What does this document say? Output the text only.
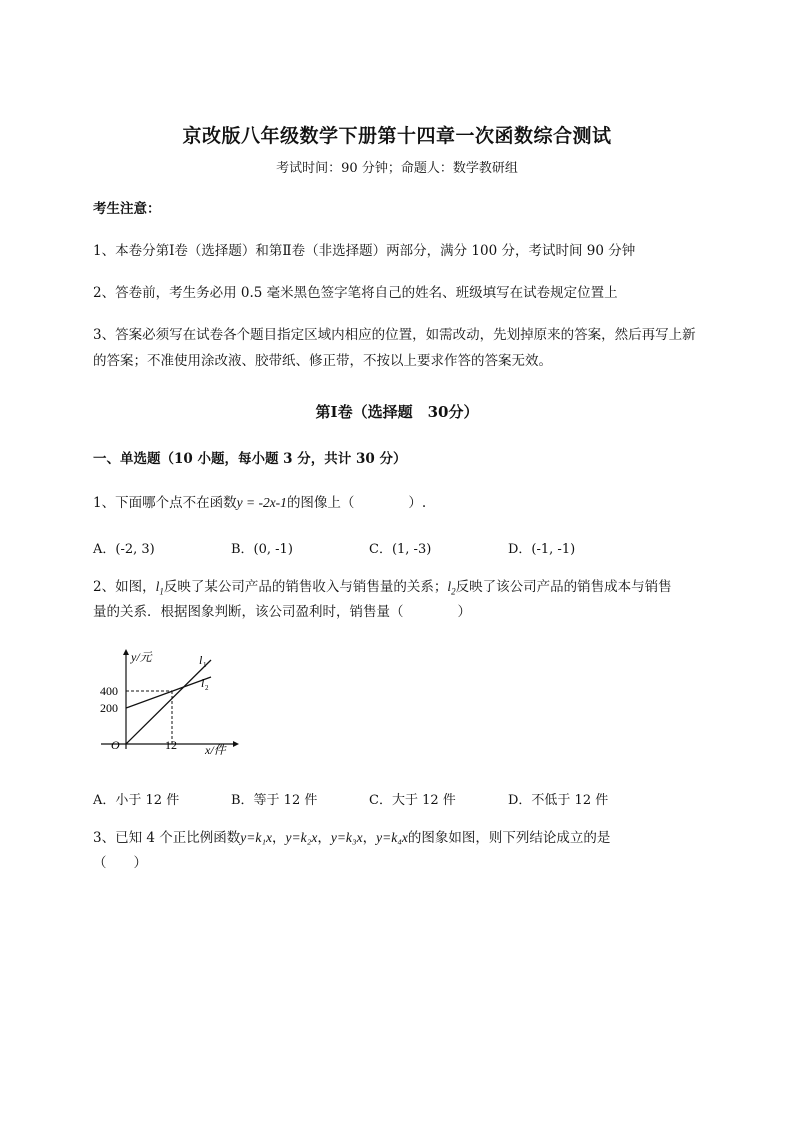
京改版八年级数学下册第十四章一次函数综合测试
考试时间：90 分钟；命题人：数学教研组
考生注意：
1、本卷分第Ⅰ卷（选择题）和第Ⅱ卷（非选择题）两部分，满分 100 分，考试时间 90 分钟
2、答卷前，考生务必用 0.5 毫米黑色签字笔将自己的姓名、班级填写在试卷规定位置上
3、答案必须写在试卷各个题目指定区域内相应的位置，如需改动，先划掉原来的答案，然后再写上新
的答案；不准使用涂改液、胶带纸、修正带，不按以上要求作答的答案无效。
第Ⅰ卷（选择题　30分）
一、单选题（10 小题，每小题 3 分，共计 30 分）
1、下面哪个点不在函数y = -2x-1的图像上（　　　　）.
A．(-2, 3)	B．(0, -1)	C．(1, -3)	D．(-1, -1)
2、如图，$l_1$反映了某公司产品的销售收入与销售量的关系；$l_2$反映了该公司产品的销售成本与销售
量的关系．根据图象判断，该公司盈利时，销售量（　　　　）
y/元
x/件
O
400
200
12
l 1
l 2
A．小于 12 件	B．等于 12 件	C．大于 12 件	D．不低于 12 件
3、已知 4 个正比例函数y=k₁x，y=k₂x，y=k₃x，y=k₄x的图象如图，则下列结论成立的是
（　　）
